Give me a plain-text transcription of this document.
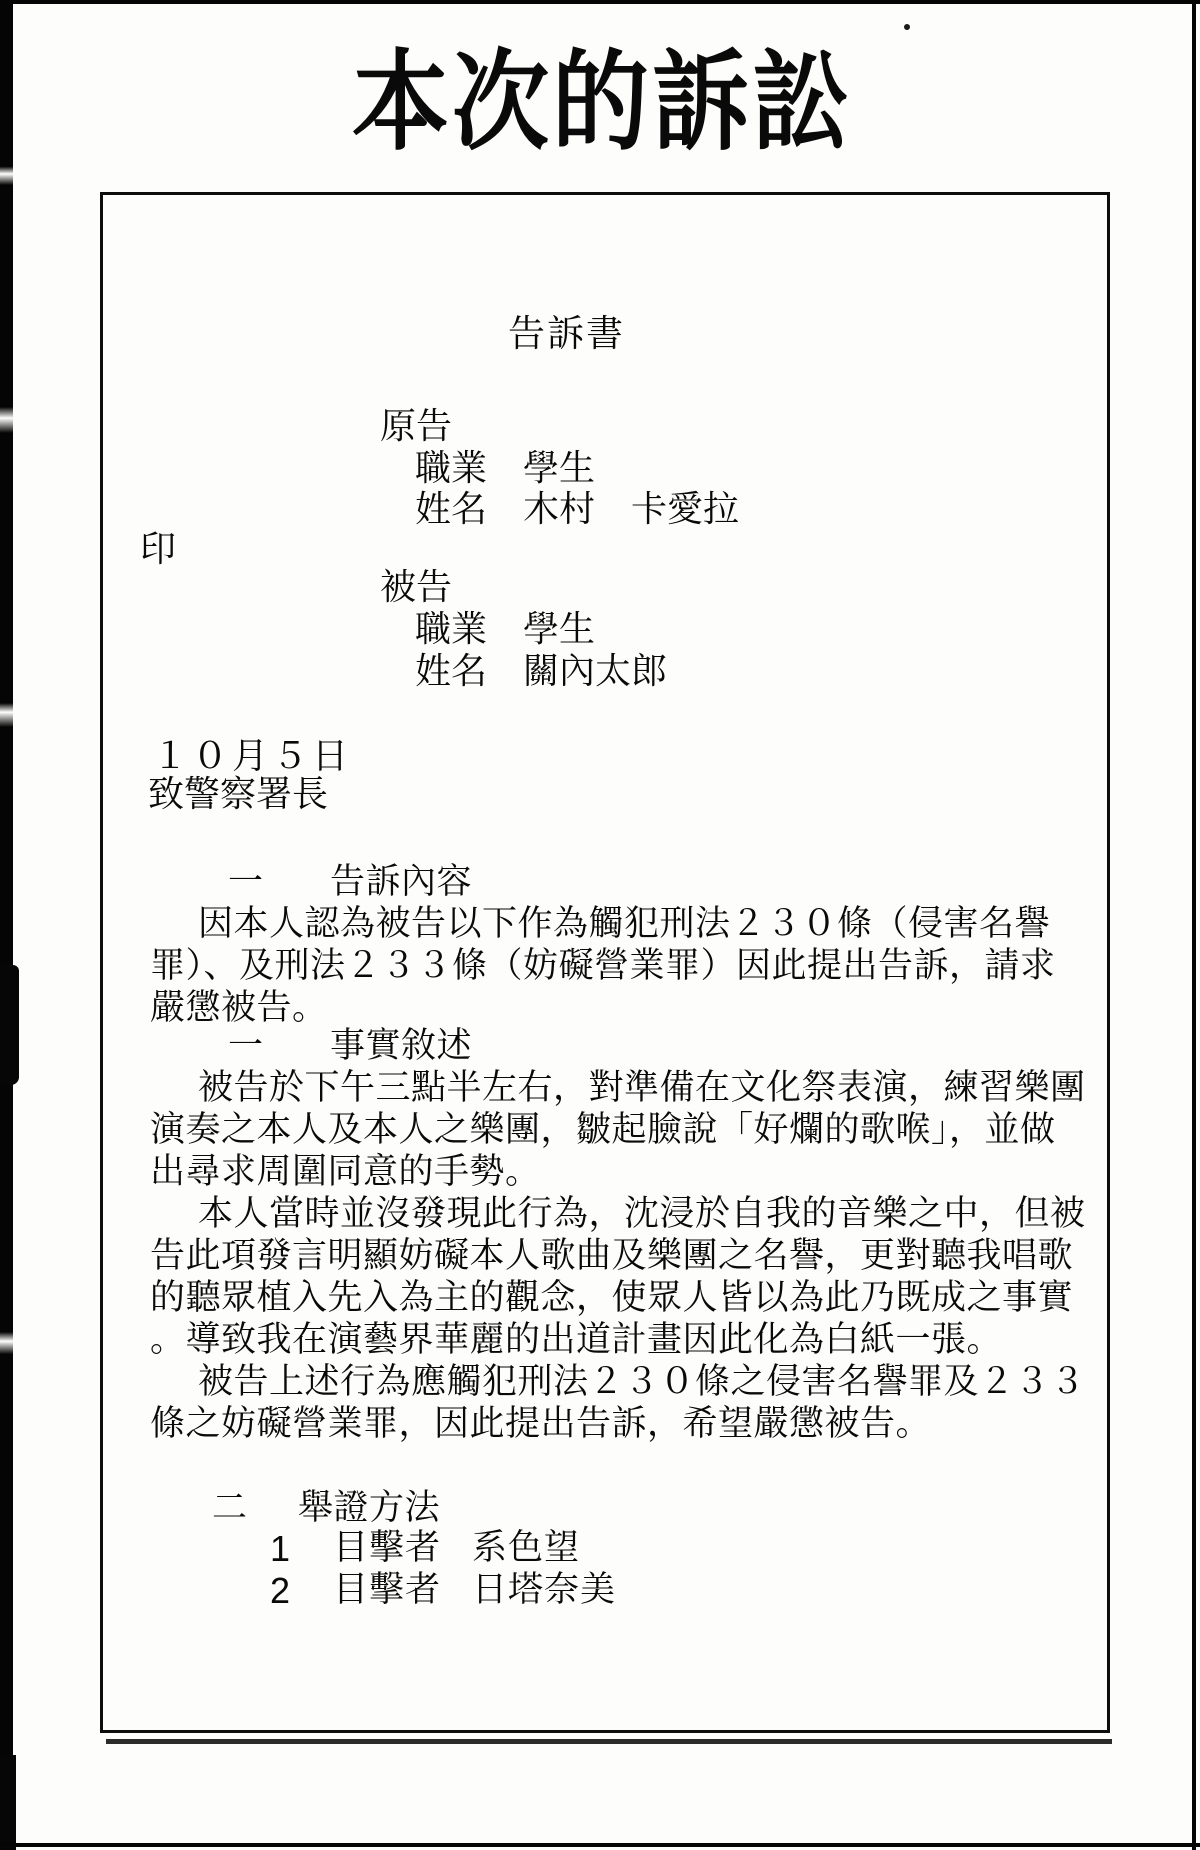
本次的訴訟
告訴書
原告
職業　學生
姓名　木村　卡愛拉
印
被告
職業　學生
姓名　關內太郎
１０月５日
致警察署長
一 告訴內容
因本人認為被告以下作為觸犯刑法２３０條（侵害名譽
罪）、及刑法２３３條（妨礙營業罪）因此提出告訴，請求
嚴懲被告。
一 事實敘述
被告於下午三點半左右，對準備在文化祭表演，練習樂團
演奏之本人及本人之樂團，皺起臉說「好爛的歌喉」，並做
出尋求周圍同意的手勢。
本人當時並沒發現此行為，沈浸於自我的音樂之中，但被
告此項發言明顯妨礙本人歌曲及樂團之名譽，更對聽我唱歌
的聽眾植入先入為主的觀念，使眾人皆以為此乃既成之事實
。導致我在演藝界華麗的出道計畫因此化為白紙一張。
被告上述行為應觸犯刑法２３０條之侵害名譽罪及２３３
條之妨礙營業罪，因此提出告訴，希望嚴懲被告。
二 舉證方法
1 目擊者 系色望
2 目擊者 日塔奈美
